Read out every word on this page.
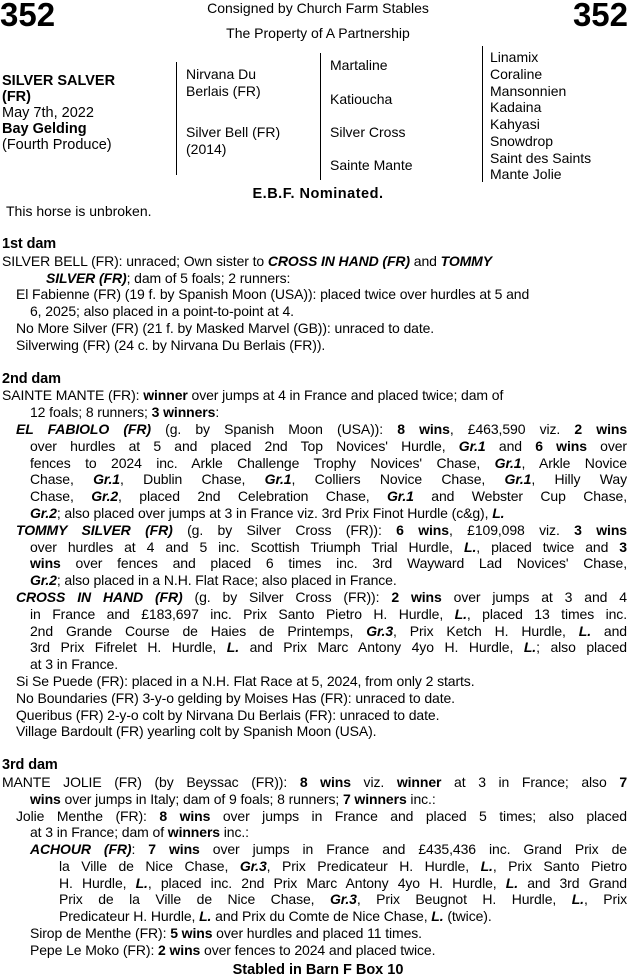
352	352
Consigned by Church Farm Stables
The Property of A Partnership
SILVER SALVER
(FR)
May 7th, 2022
Bay Gelding
(Fourth Produce)
Nirvana Du
Berlais (FR)
Silver Bell (FR)
(2014)
Martaline
Katioucha
Silver Cross
Sainte Mante
Linamix
Coraline
Mansonnien
Kadaina
Kahyasi
Snowdrop
Saint des Saints
Mante Jolie
E.B.F. Nominated.
This horse is unbroken.
1st dam
SILVER BELL (FR): unraced; Own sister to CROSS IN HAND (FR) and TOMMY
SILVER (FR); dam of 5 foals; 2 runners:
El Fabienne (FR) (19 f. by Spanish Moon (USA)): placed twice over hurdles at 5 and
6, 2025; also placed in a point-to-point at 4.
No More Silver (FR) (21 f. by Masked Marvel (GB)): unraced to date.
Silverwing (FR) (24 c. by Nirvana Du Berlais (FR)).
2nd dam
SAINTE MANTE (FR): winner over jumps at 4 in France and placed twice; dam of
12 foals; 8 runners; 3 winners:
EL FABIOLO (FR) (g. by Spanish Moon (USA)): 8 wins, £463,590 viz. 2 wins
over hurdles at 5 and placed 2nd Top Novices' Hurdle, Gr.1 and 6 wins over
fences to 2024 inc. Arkle Challenge Trophy Novices' Chase, Gr.1, Arkle Novice
Chase, Gr.1, Dublin Chase, Gr.1, Colliers Novice Chase, Gr.1, Hilly Way
Chase, Gr.2, placed 2nd Celebration Chase, Gr.1 and Webster Cup Chase,
Gr.2; also placed over jumps at 3 in France viz. 3rd Prix Finot Hurdle (c&g), L.
TOMMY SILVER (FR) (g. by Silver Cross (FR)): 6 wins, £109,098 viz. 3 wins
over hurdles at 4 and 5 inc. Scottish Triumph Trial Hurdle, L., placed twice and 3
wins over fences and placed 6 times inc. 3rd Wayward Lad Novices' Chase,
Gr.2; also placed in a N.H. Flat Race; also placed in France.
CROSS IN HAND (FR) (g. by Silver Cross (FR)): 2 wins over jumps at 3 and 4
in France and £183,697 inc. Prix Santo Pietro H. Hurdle, L., placed 13 times inc.
2nd Grande Course de Haies de Printemps, Gr.3, Prix Ketch H. Hurdle, L. and
3rd Prix Fifrelet H. Hurdle, L. and Prix Marc Antony 4yo H. Hurdle, L.; also placed
at 3 in France.
Si Se Puede (FR): placed in a N.H. Flat Race at 5, 2024, from only 2 starts.
No Boundaries (FR) 3-y-o gelding by Moises Has (FR): unraced to date.
Queribus (FR) 2-y-o colt by Nirvana Du Berlais (FR): unraced to date.
Village Bardoult (FR) yearling colt by Spanish Moon (USA).
3rd dam
MANTE JOLIE (FR) (by Beyssac (FR)): 8 wins viz. winner at 3 in France; also 7
wins over jumps in Italy; dam of 9 foals; 8 runners; 7 winners inc.:
Jolie Menthe (FR): 8 wins over jumps in France and placed 5 times; also placed
at 3 in France; dam of winners inc.:
ACHOUR (FR): 7 wins over jumps in France and £435,436 inc. Grand Prix de
la Ville de Nice Chase, Gr.3, Prix Predicateur H. Hurdle, L., Prix Santo Pietro
H. Hurdle, L., placed inc. 2nd Prix Marc Antony 4yo H. Hurdle, L. and 3rd Grand
Prix de la Ville de Nice Chase, Gr.3, Prix Beugnot H. Hurdle, L., Prix
Predicateur H. Hurdle, L. and Prix du Comte de Nice Chase, L. (twice).
Sirop de Menthe (FR): 5 wins over hurdles and placed 11 times.
Pepe Le Moko (FR): 2 wins over fences to 2024 and placed twice.
Stabled in Barn F Box 10
